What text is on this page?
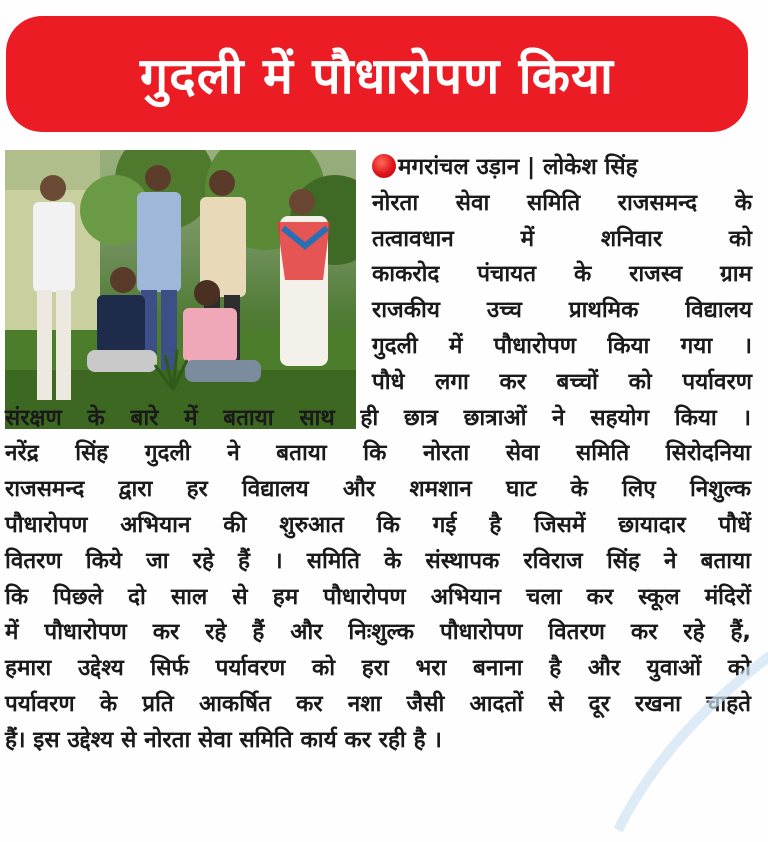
गुदली में पौधारोपण किया
मगरांचल उड़ान | लोकेश सिंह
नोरता सेवा समिति राजसमन्द के
तत्वावधान में शनिवार को
काकरोद पंचायत के राजस्व ग्राम
राजकीय उच्च प्राथमिक विद्यालय
गुदली में पौधारोपण किया गया ।
पौधे लगा कर बच्चों को पर्यावरण
संरक्षण के बारे में बताया साथ ही छात्र छात्राओं ने सहयोग किया ।
नरेंद्र सिंह गुदली ने बताया कि नोरता सेवा समिति सिरोदनिया
राजसमन्द द्वारा हर विद्यालय और शमशान घाट के लिए निशुल्क
पौधारोपण अभियान की शुरुआत कि गई है जिसमें छायादार पौधें
वितरण किये जा रहे हैं । समिति के संस्थापक रविराज सिंह ने बताया
कि पिछले दो साल से हम पौधारोपण अभियान चला कर स्कूल मंदिरों
में पौधारोपण कर रहे हैं और निःशुल्क पौधारोपण वितरण कर रहे हैं,
हमारा उद्देश्य सिर्फ पर्यावरण को हरा भरा बनाना है और युवाओं को
पर्यावरण के प्रति आकर्षित कर नशा जैसी आदतों से दूर रखना चाहते
हैं। इस उद्देश्य से नोरता सेवा समिति कार्य कर रही है ।
